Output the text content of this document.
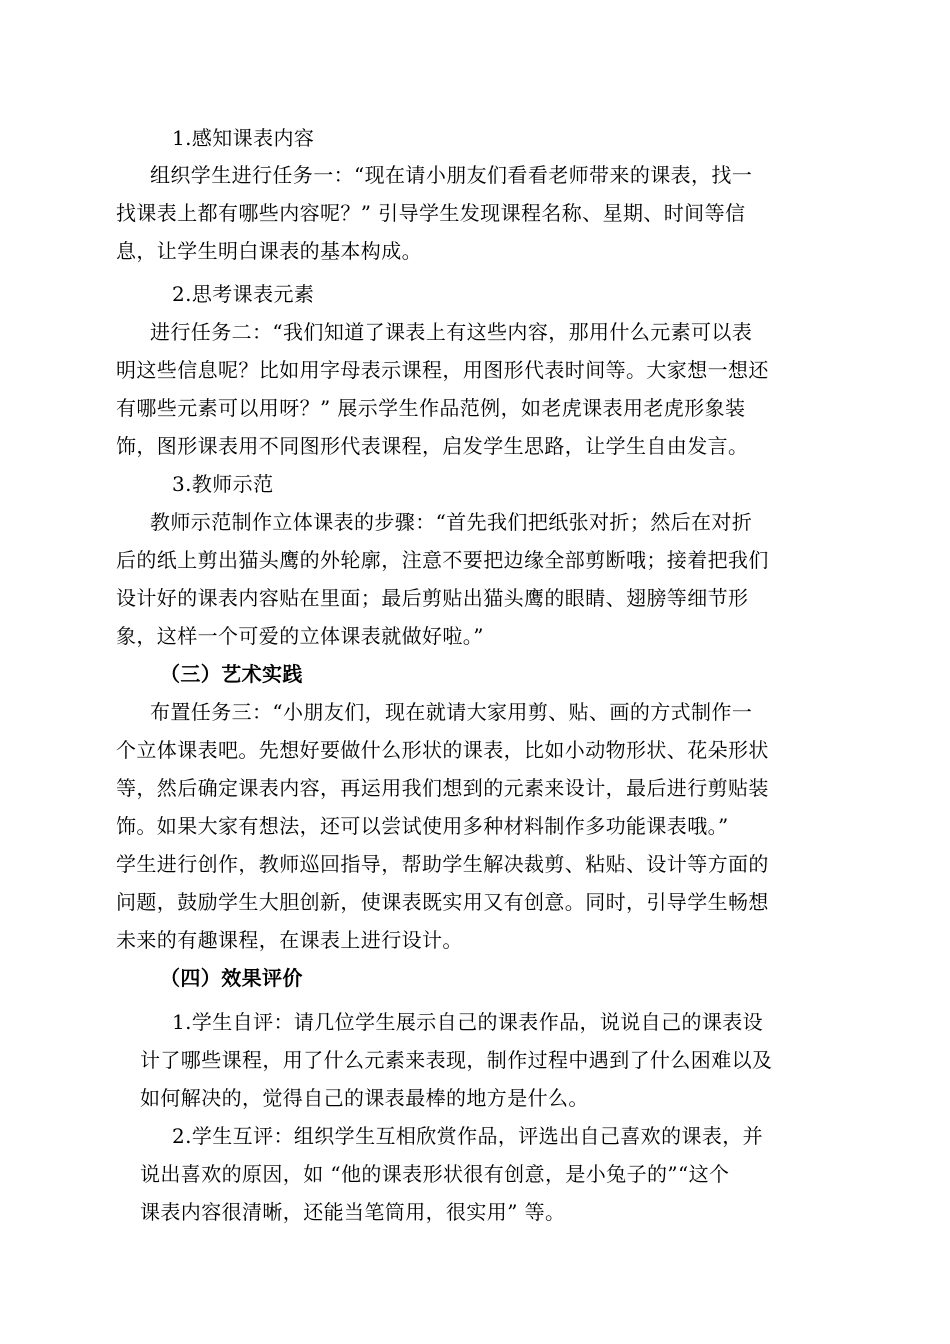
1.感知课表内容
组织学生进行任务一：“现在请小朋友们看看老师带来的课表，找一
找课表上都有哪些内容呢？” 引导学生发现课程名称、星期、时间等信
息，让学生明白课表的基本构成。
2.思考课表元素
进行任务二：“我们知道了课表上有这些内容，那用什么元素可以表
明这些信息呢？比如用字母表示课程，用图形代表时间等。大家想一想还
有哪些元素可以用呀？” 展示学生作品范例，如老虎课表用老虎形象装
饰，图形课表用不同图形代表课程，启发学生思路，让学生自由发言。
3.教师示范
教师示范制作立体课表的步骤：“首先我们把纸张对折；然后在对折
后的纸上剪出猫头鹰的外轮廓，注意不要把边缘全部剪断哦；接着把我们
设计好的课表内容贴在里面；最后剪贴出猫头鹰的眼睛、翅膀等细节形
象，这样一个可爱的立体课表就做好啦。”
（三）艺术实践
布置任务三：“小朋友们，现在就请大家用剪、贴、画的方式制作一
个立体课表吧。先想好要做什么形状的课表，比如小动物形状、花朵形状
等，然后确定课表内容，再运用我们想到的元素来设计，最后进行剪贴装
饰。如果大家有想法，还可以尝试使用多种材料制作多功能课表哦。”
学生进行创作，教师巡回指导，帮助学生解决裁剪、粘贴、设计等方面的
问题，鼓励学生大胆创新，使课表既实用又有创意。同时，引导学生畅想
未来的有趣课程，在课表上进行设计。
（四）效果评价
1.学生自评：请几位学生展示自己的课表作品，说说自己的课表设
计了哪些课程，用了什么元素来表现，制作过程中遇到了什么困难以及
如何解决的，觉得自己的课表最棒的地方是什么。
2.学生互评：组织学生互相欣赏作品，评选出自己喜欢的课表，并
说出喜欢的原因，如 “他的课表形状很有创意，是小兔子的”“这个
课表内容很清晰，还能当笔筒用，很实用” 等。
